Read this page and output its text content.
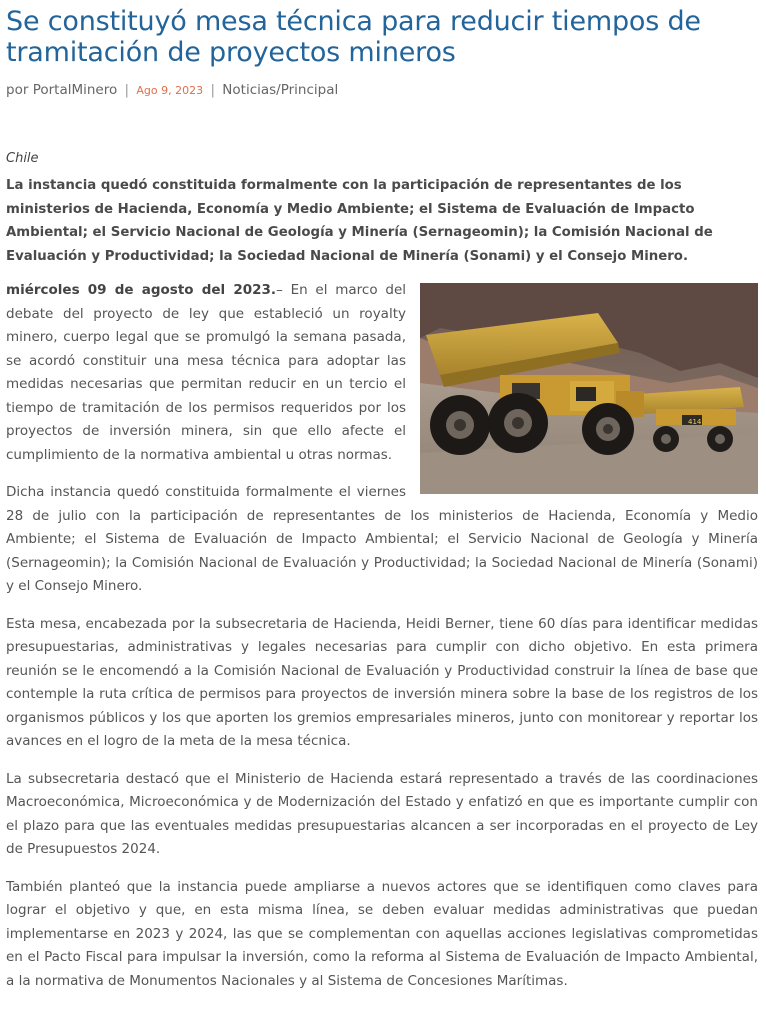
Se constituyó mesa técnica para reducir tiempos de tramitación de proyectos mineros
por PortalMinero | Ago 9, 2023 | Noticias/Principal
Chile

La instancia quedó constituida formalmente con la participación de representantes de los ministerios de Hacienda, Economía y Medio Ambiente; el Sistema de Evaluación de Impacto Ambiental; el Servicio Nacional de Geología y Minería (Sernageomin); la Comisión Nacional de Evaluación y Productividad; la Sociedad Nacional de Minería (Sonami) y el Consejo Minero.

414

miércoles 09 de agosto del 2023.– En el marco del debate del proyecto de ley que estableció un royalty minero, cuerpo legal que se promulgó la semana pasada, se acordó constituir una mesa técnica para adoptar las medidas necesarias que permitan reducir en un tercio el tiempo de tramitación de los permisos requeridos por los proyectos de inversión minera, sin que ello afecte el cumplimiento de la normativa ambiental u otras normas.

Dicha instancia quedó constituida formalmente el viernes 28 de julio con la participación de representantes de los ministerios de Hacienda, Economía y Medio Ambiente; el Sistema de Evaluación de Impacto Ambiental; el Servicio Nacional de Geología y Minería (Sernageomin); la Comisión Nacional de Evaluación y Productividad; la Sociedad Nacional de Minería (Sonami) y el Consejo Minero.

Esta mesa, encabezada por la subsecretaria de Hacienda, Heidi Berner, tiene 60 días para identificar medidas presupuestarias, administrativas y legales necesarias para cumplir con dicho objetivo. En esta primera reunión se le encomendó a la Comisión Nacional de Evaluación y Productividad construir la línea de base que contemple la ruta crítica de permisos para proyectos de inversión minera sobre la base de los registros de los organismos públicos y los que aporten los gremios empresariales mineros, junto con monitorear y reportar los avances en el logro de la meta de la mesa técnica.

La subsecretaria destacó que el Ministerio de Hacienda estará representado a través de las coordinaciones Macroeconómica, Microeconómica y de Modernización del Estado y enfatizó en que es importante cumplir con el plazo para que las eventuales medidas presupuestarias alcancen a ser incorporadas en el proyecto de Ley de Presupuestos 2024.

También planteó que la instancia puede ampliarse a nuevos actores que se identifiquen como claves para lograr el objetivo y que, en esta misma línea, se deben evaluar medidas administrativas que puedan implementarse en 2023 y 2024, las que se complementan con aquellas acciones legislativas comprometidas en el Pacto Fiscal para impulsar la inversión, como la reforma al Sistema de Evaluación de Impacto Ambiental, a la normativa de Monumentos Nacionales y al Sistema de Concesiones Marítimas.
